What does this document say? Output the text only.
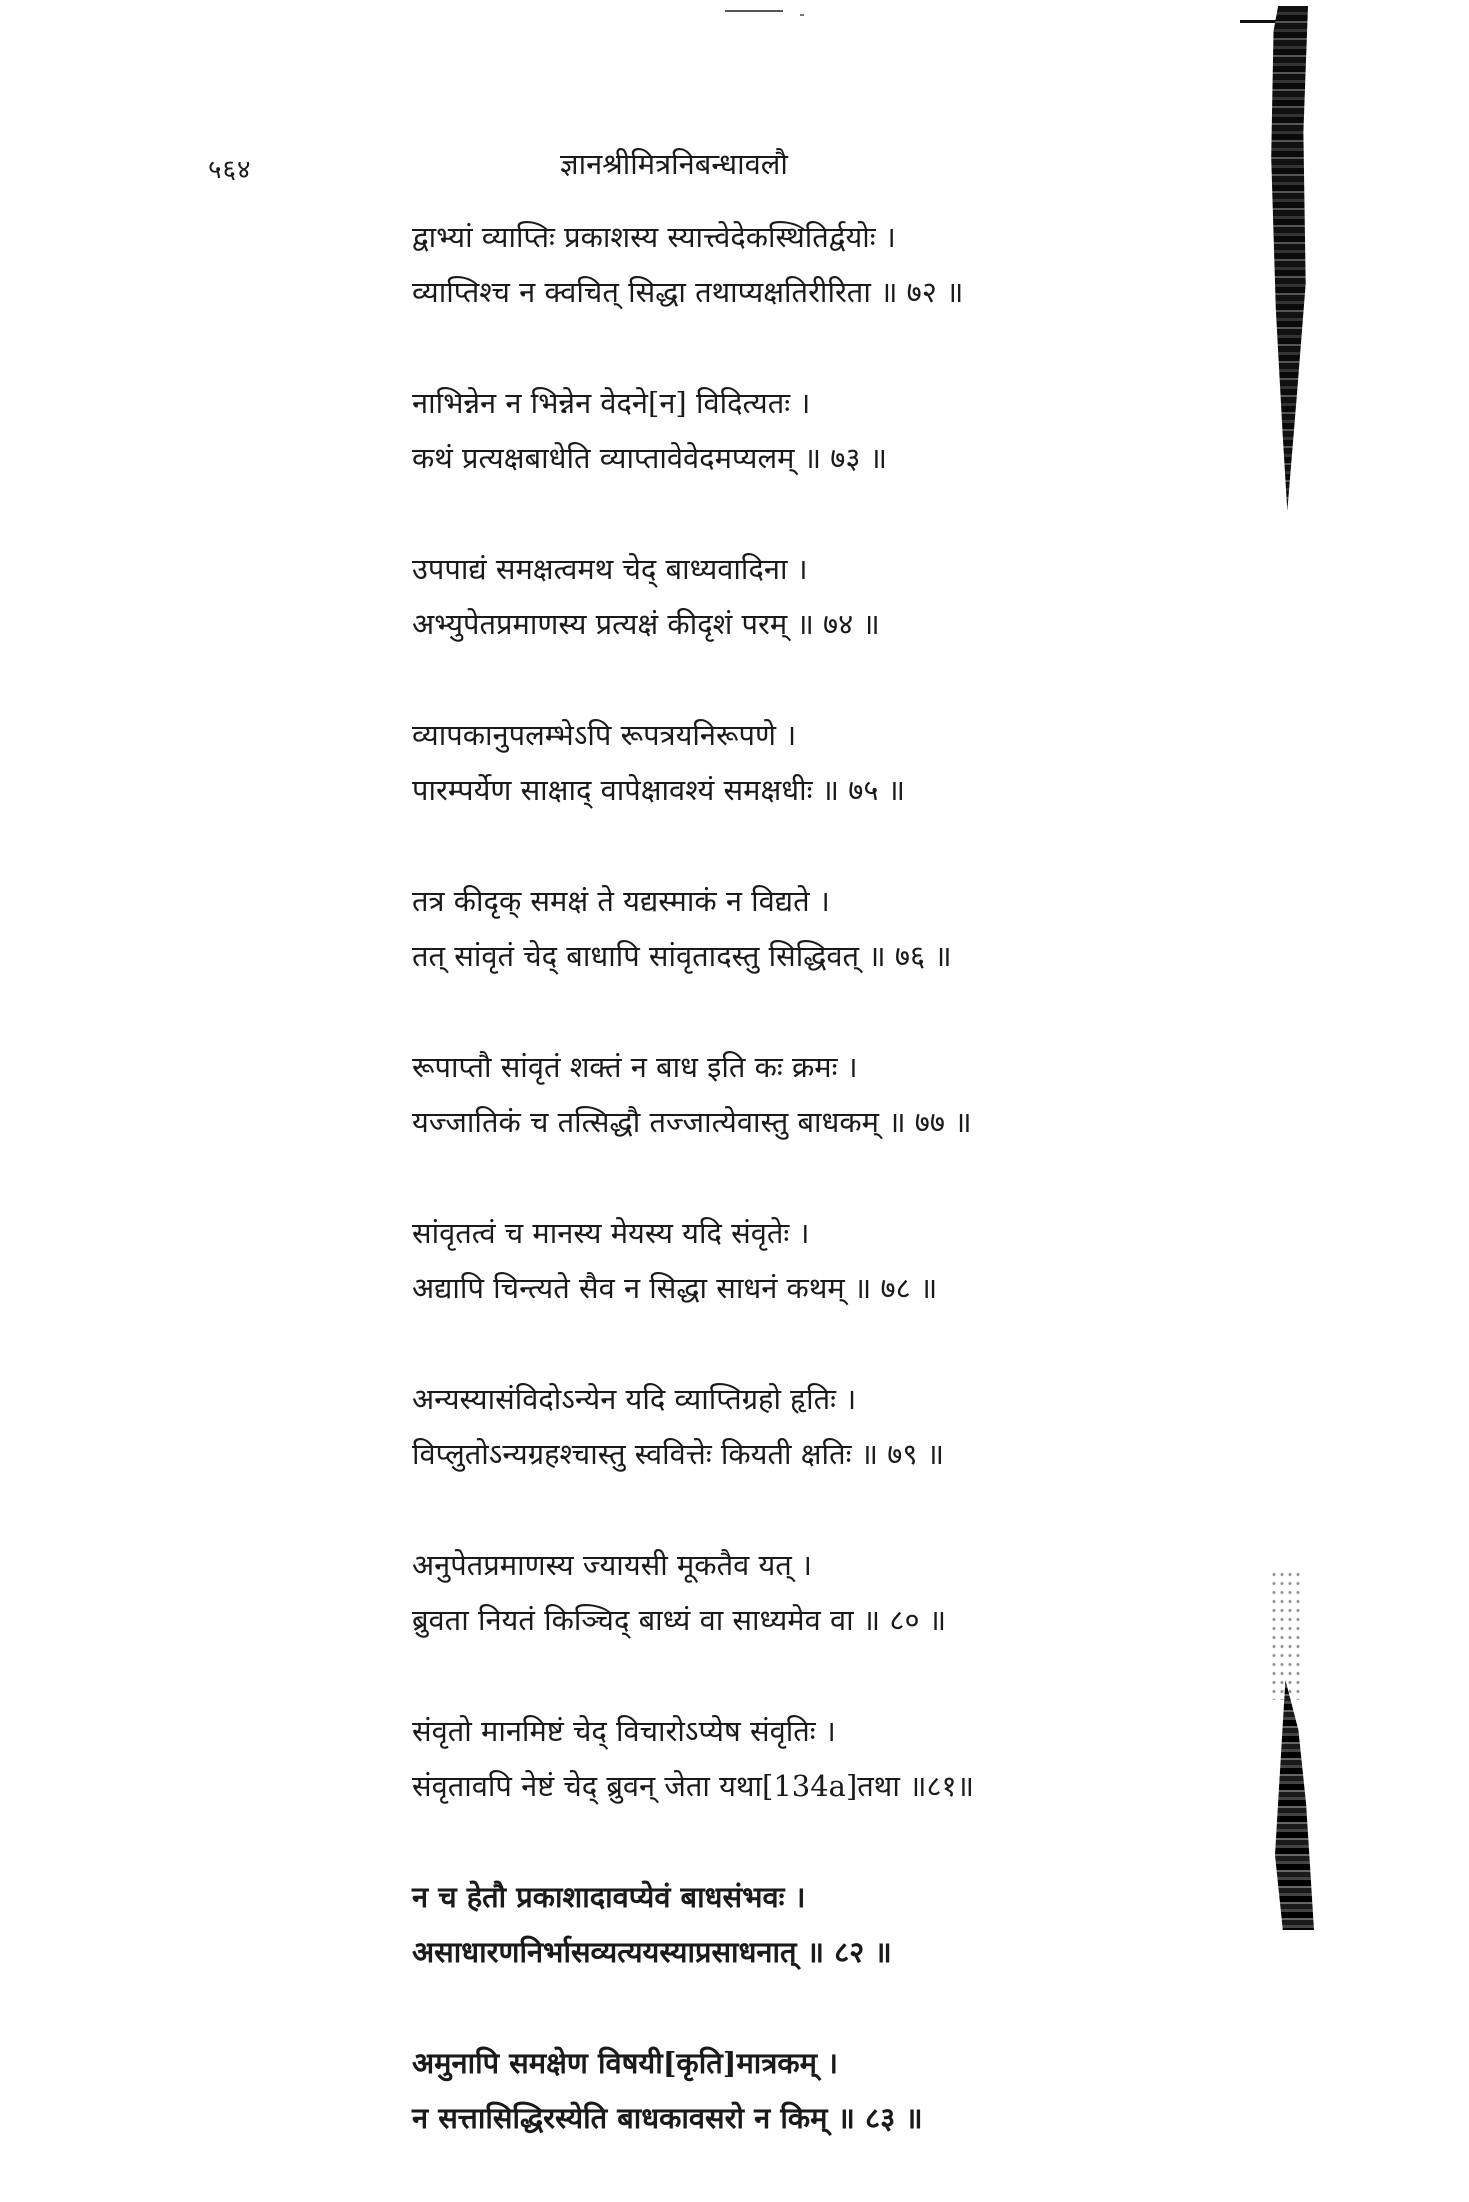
५६४	ज्ञानश्रीमित्रनिबन्धावलौ
द्वाभ्यां व्याप्तिः प्रकाशस्य स्यात्त्वेदेकस्थितिर्द्वयोः ।
व्याप्तिश्च न क्वचित् सिद्धा तथाप्यक्षतिरीरिता ॥ ७२ ॥
नाभिन्नेन न भिन्नेन वेदने[न] विदित्यतः ।
कथं प्रत्यक्षबाधेति व्याप्तावेवेदमप्यलम् ॥ ७३ ॥
उपपाद्यं समक्षत्वमथ चेद् बाध्यवादिना ।
अभ्युपेतप्रमाणस्य प्रत्यक्षं कीदृशं परम् ॥ ७४ ॥
व्यापकानुपलम्भेऽपि रूपत्रयनिरूपणे ।
पारम्पर्येण साक्षाद् वापेक्षावश्यं समक्षधीः ॥ ७५ ॥
तत्र कीदृक् समक्षं ते यद्यस्माकं न विद्यते ।
तत् सांवृतं चेद् बाधापि सांवृतादस्तु सिद्धिवत् ॥ ७६ ॥
रूपाप्तौ सांवृतं शक्तं न बाध इति कः क्रमः ।
यज्जातिकं च तत्सिद्धौ तज्जात्येवास्तु बाधकम् ॥ ७७ ॥
सांवृतत्वं च मानस्य मेयस्य यदि संवृतेः ।
अद्यापि चिन्त्यते सैव न सिद्धा साधनं कथम् ॥ ७८ ॥
अन्यस्यासंविदोऽन्येन यदि व्याप्तिग्रहो हृतिः ।
विप्लुतोऽन्यग्रहश्चास्तु स्ववित्तेः कियती क्षतिः ॥ ७९ ॥
अनुपेतप्रमाणस्य ज्यायसी मूकतैव यत् ।
ब्रुवता नियतं किञ्चिद् बाध्यं वा साध्यमेव वा ॥ ८० ॥
संवृतो मानमिष्टं चेद् विचारोऽप्येष संवृतिः ।
संवृतावपि नेष्टं चेद् ब्रुवन् जेता यथा[134a]तथा ॥८१॥
न च हेतौ प्रकाशादावप्येवं बाधसंभवः ।
असाधारणनिर्भासव्यत्ययस्याप्रसाधनात् ॥ ८२ ॥
अमुनापि समक्षेण विषयी[कृति]मात्रकम् ।
न सत्तासिद्धिरस्येति बाधकावसरो न किम् ॥ ८३ ॥
